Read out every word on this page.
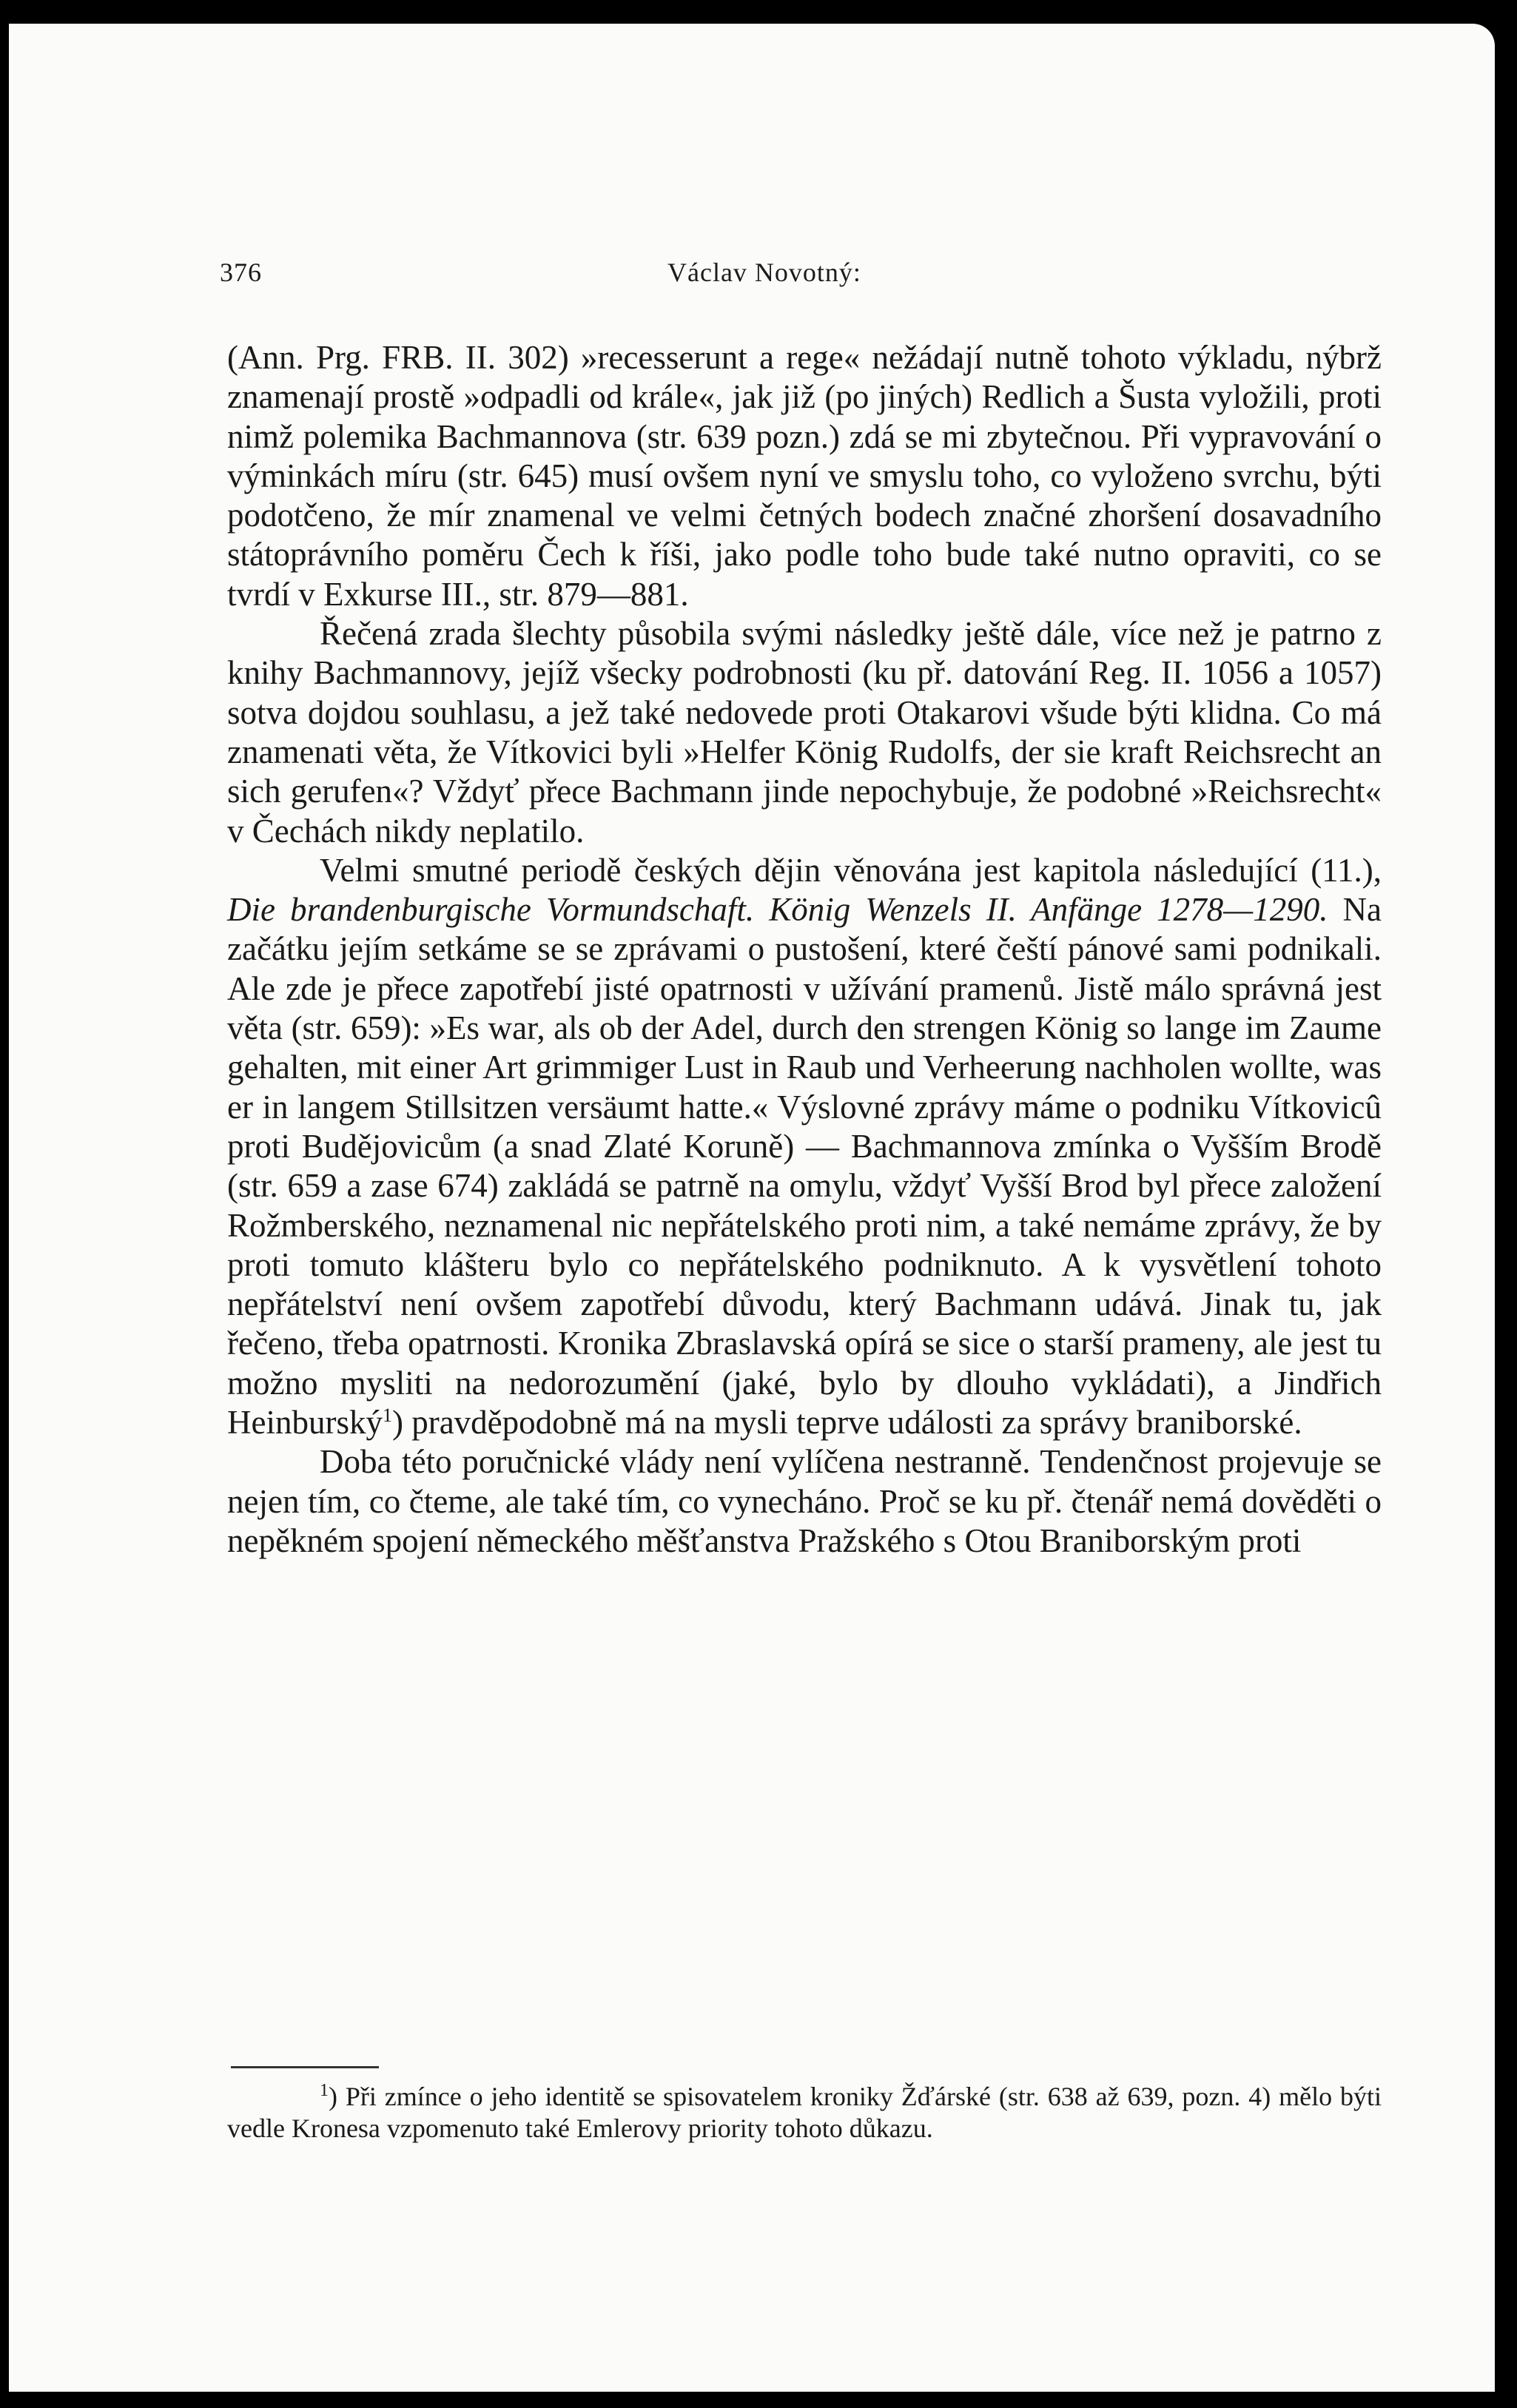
376	Václav Novotný:

(Ann. Prg. FRB. II. 302) »recesserunt a rege« nežádají nutně tohoto výkladu, nýbrž znamenají prostě »odpadli od krále«, jak již (po jiných) Redlich a Šusta vyložili, proti nimž polemika Bachmannova (str. 639 pozn.) zdá se mi zbytečnou. Při vypravování o výminkách míru (str. 645) musí ovšem nyní ve smyslu toho, co vyloženo svrchu, býti podotčeno, že mír znamenal ve velmi četných bodech značné zhoršení dosavadního státoprávního poměru Čech k říši, jako podle toho bude také nutno opraviti, co se tvrdí v Exkurse III., str. 879—881.

Řečená zrada šlechty působila svými následky ještě dále, více než je patrno z knihy Bachmannovy, jejíž všecky podrobnosti (ku př. datování Reg. II. 1056 a 1057) sotva dojdou souhlasu, a jež také nedovede proti Otakarovi všude býti klidna. Co má znamenati věta, že Vítkovici byli »Helfer König Rudolfs, der sie kraft Reichsrecht an sich gerufen«? Vždyť přece Bachmann jinde nepochybuje, že podobné »Reichsrecht« v Čechách nikdy neplatilo.

Velmi smutné periodě českých dějin věnována jest kapitola následující (11.), Die brandenburgische Vormundschaft. König Wenzels II. Anfänge 1278—1290. Na začátku jejím setkáme se se zprávami o pustošení, které čeští pánové sami podnikali. Ale zde je přece zapotřebí jisté opatrnosti v užívání pramenů. Jistě málo správná jest věta (str. 659): »Es war, als ob der Adel, durch den strengen König so lange im Zaume gehalten, mit einer Art grimmiger Lust in Raub und Verheerung nachholen wollte, was er in langem Stillsitzen versäumt hatte.« Výslovné zprávy máme o podniku Vítkovicû proti Budějovicům (a snad Zlaté Koruně) — Bachmannova zmínka o Vyšším Brodě (str. 659 a zase 674) zakládá se patrně na omylu, vždyť Vyšší Brod byl přece založení Rožmberského, neznamenal nic nepřátelského proti nim, a také nemáme zprávy, že by proti tomuto klášteru bylo co nepřátelského podniknuto. A k vysvětlení tohoto nepřátelství není ovšem zapotřebí důvodu, který Bachmann udává. Jinak tu, jak řečeno, třeba opatrnosti. Kronika Zbraslavská opírá se sice o starší prameny, ale jest tu možno mysliti na nedorozumění (jaké, bylo by dlouho vykládati), a Jindřich Heinburský$^1$) pravděpodobně má na mysli teprve události za správy braniborské.

Doba této poručnické vlády není vylíčena nestranně. Tendenčnost projevuje se nejen tím, co čteme, ale také tím, co vynecháno. Proč se ku př. čtenář nemá dověděti o nepěkném spojení německého měšťanstva Pražského s Otou Braniborským proti

$^1$) Při zmínce o jeho identitě se spisovatelem kroniky Žďárské (str. 638 až 639, pozn. 4) mělo býti vedle Kronesa vzpomenuto také Emlerovy priority tohoto důkazu.
